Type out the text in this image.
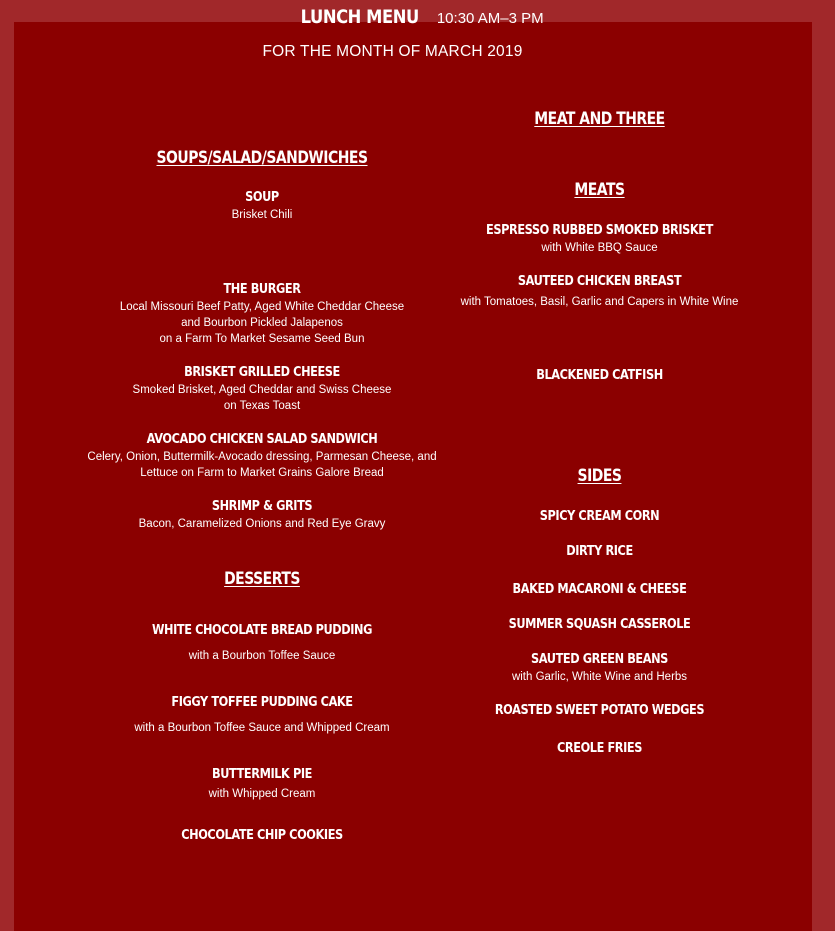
LUNCH MENU 10:30 AM–3 PM
FOR THE MONTH OF MARCH 2019
SOUPS/SALAD/SANDWICHES
SOUP
Brisket Chili
THE BURGER
Local Missouri Beef Patty, Aged White Cheddar Cheese
and Bourbon Pickled Jalapenos
on a Farm To Market Sesame Seed Bun
BRISKET GRILLED CHEESE
Smoked Brisket, Aged Cheddar and Swiss Cheese
on Texas Toast
AVOCADO CHICKEN SALAD SANDWICH
Celery, Onion, Buttermilk-Avocado dressing, Parmesan Cheese, and
Lettuce on Farm to Market Grains Galore Bread
SHRIMP & GRITS
Bacon, Caramelized Onions and Red Eye Gravy
DESSERTS
WHITE CHOCOLATE BREAD PUDDING
with a Bourbon Toffee Sauce
FIGGY TOFFEE PUDDING CAKE
with a Bourbon Toffee Sauce and Whipped Cream
BUTTERMILK PIE
with Whipped Cream
CHOCOLATE CHIP COOKIES
MEAT AND THREE
MEATS
ESPRESSO RUBBED SMOKED BRISKET
with White BBQ Sauce
SAUTEED CHICKEN BREAST
with Tomatoes, Basil, Garlic and Capers in White Wine
BLACKENED CATFISH
SIDES
SPICY CREAM CORN
DIRTY RICE
BAKED MACARONI & CHEESE
SUMMER SQUASH CASSEROLE
SAUTED GREEN BEANS
with Garlic, White Wine and Herbs
ROASTED SWEET POTATO WEDGES
CREOLE FRIES
